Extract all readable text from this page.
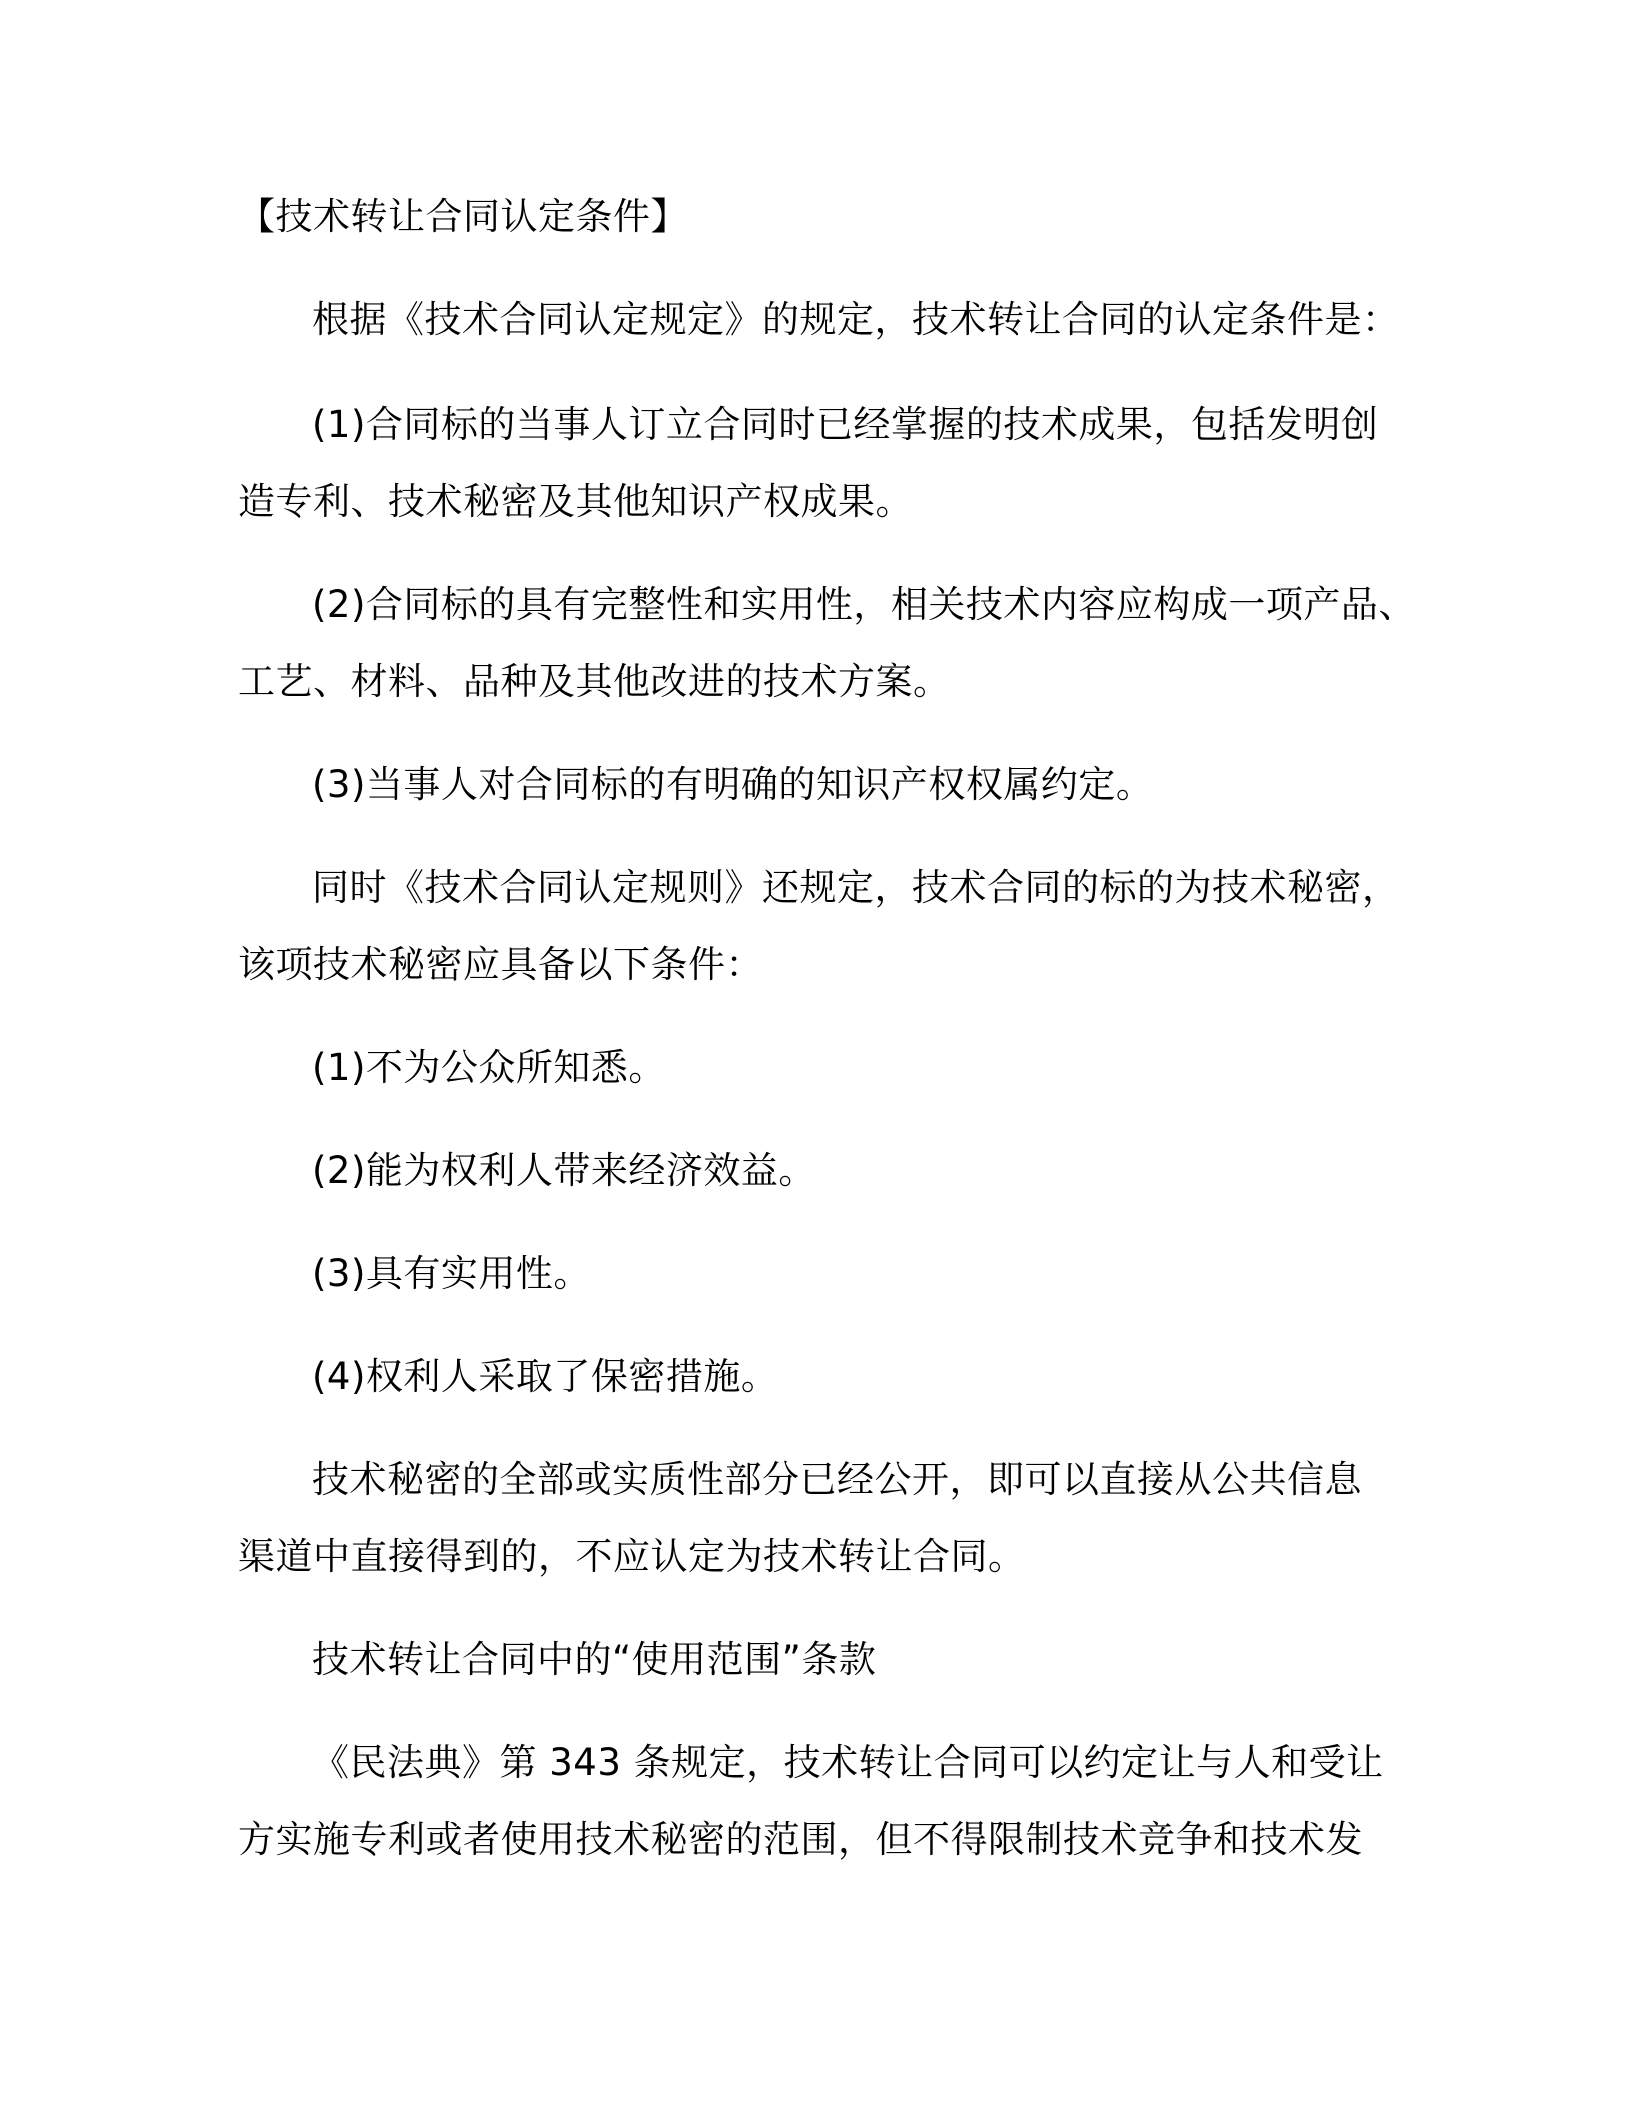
【技术转让合同认定条件】
根据《技术合同认定规定》的规定，技术转让合同的认定条件是：
(1)合同标的当事人订立合同时已经掌握的技术成果，包括发明创
造专利、技术秘密及其他知识产权成果。
(2)合同标的具有完整性和实用性，相关技术内容应构成一项产品、
工艺、材料、品种及其他改进的技术方案。
(3)当事人对合同标的有明确的知识产权权属约定。
同时《技术合同认定规则》还规定，技术合同的标的为技术秘密，
该项技术秘密应具备以下条件：
(1)不为公众所知悉。
(2)能为权利人带来经济效益。
(3)具有实用性。
(4)权利人采取了保密措施。
技术秘密的全部或实质性部分已经公开，即可以直接从公共信息
渠道中直接得到的，不应认定为技术转让合同。
技术转让合同中的“使用范围”条款
《民法典》第 343 条规定，技术转让合同可以约定让与人和受让
方实施专利或者使用技术秘密的范围，但不得限制技术竞争和技术发
